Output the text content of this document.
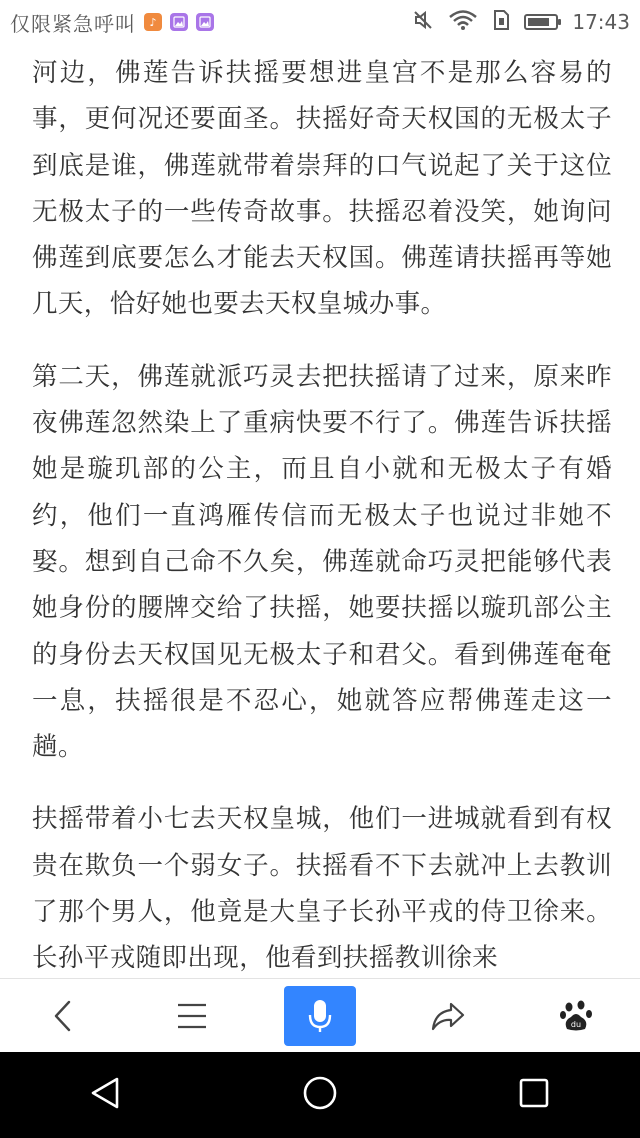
仅限紧急呼叫	♪	17:43

河边，佛莲告诉扶摇要想进皇宫不是那么容易的事，更何况还要面圣。扶摇好奇天权国的无极太子到底是谁，佛莲就带着崇拜的口气说起了关于这位无极太子的一些传奇故事。扶摇忍着没笑，她询问佛莲到底要怎么才能去天权国。佛莲请扶摇再等她几天，恰好她也要去天权皇城办事。

第二天，佛莲就派巧灵去把扶摇请了过来，原来昨夜佛莲忽然染上了重病快要不行了。佛莲告诉扶摇她是璇玑部的公主，而且自小就和无极太子有婚约，他们一直鸿雁传信而无极太子也说过非她不娶。想到自己命不久矣，佛莲就命巧灵把能够代表她身份的腰牌交给了扶摇，她要扶摇以璇玑部公主的身份去天权国见无极太子和君父。看到佛莲奄奄一息，扶摇很是不忍心，她就答应帮佛莲走这一趟。

扶摇带着小七去天权皇城，他们一进城就看到有权贵在欺负一个弱女子。扶摇看不下去就冲上去教训了那个男人，他竟是大皇子长孙平戎的侍卫徐来。长孙平戎随即出现，他看到扶摇教训徐来

du
